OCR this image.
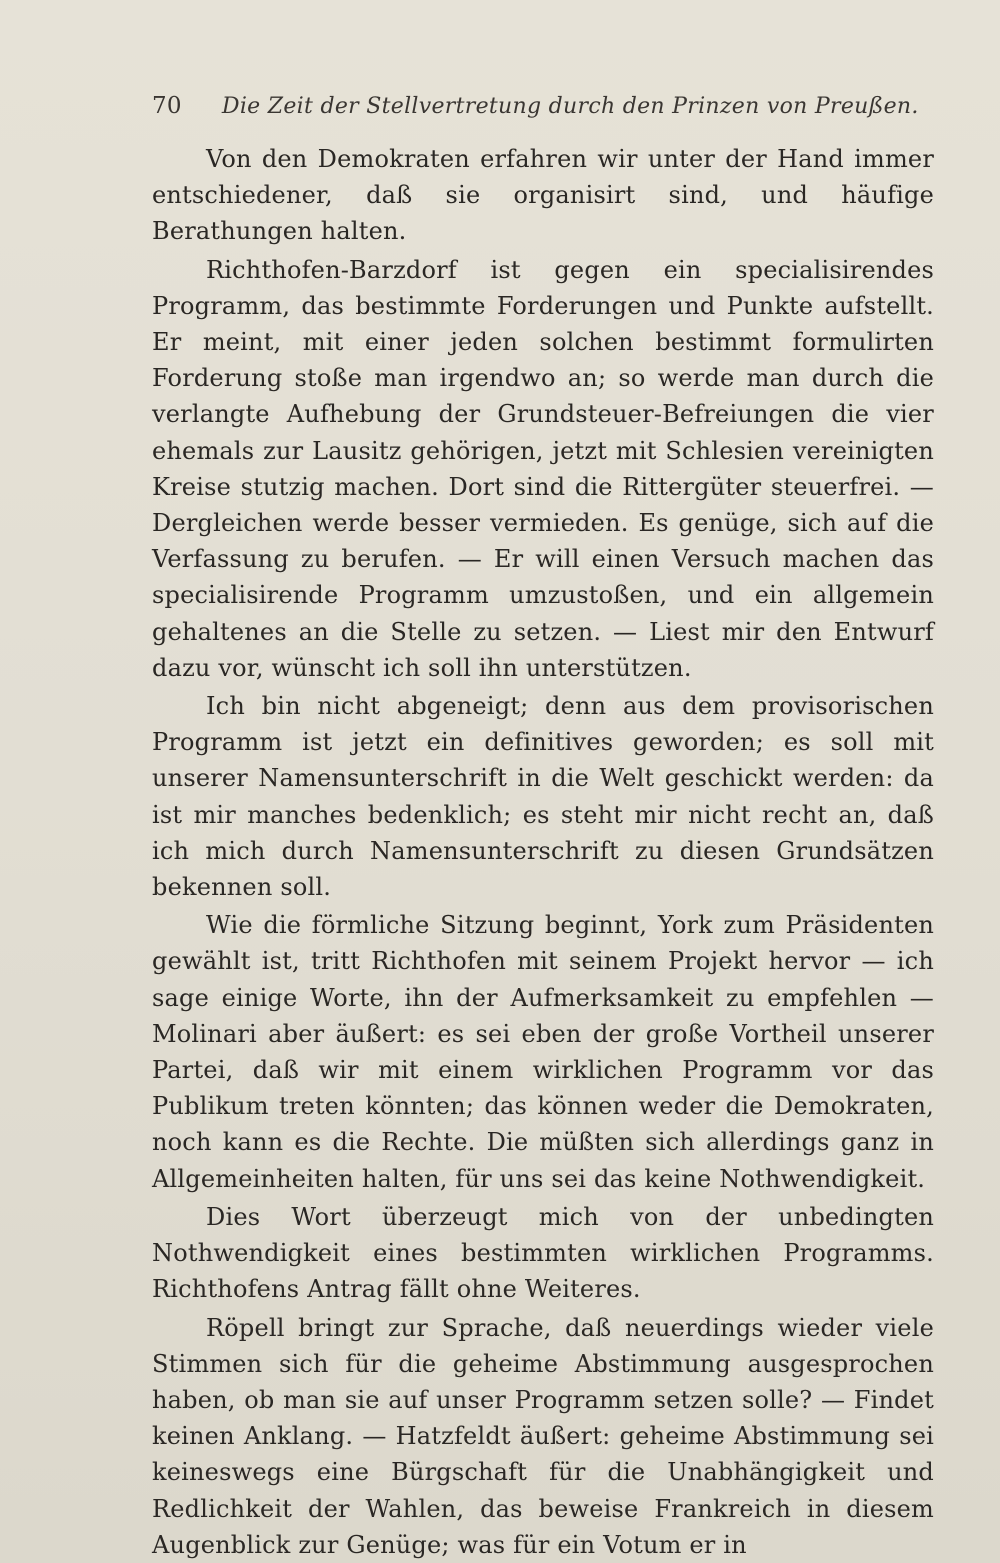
70 Die Zeit der Stellvertretung durch den Prinzen von Preußen.

Von den Demokraten erfahren wir unter der Hand immer entschiedener, daß sie organisirt sind, und häufige Berathungen halten.

Richthofen-Barzdorf ist gegen ein specialisirendes Programm, das bestimmte Forderungen und Punkte aufstellt. Er meint, mit einer jeden solchen bestimmt formulirten Forderung stoße man irgendwo an; so werde man durch die verlangte Aufhebung der Grundsteuer-Befreiungen die vier ehemals zur Lausitz gehörigen, jetzt mit Schlesien vereinigten Kreise stutzig machen. Dort sind die Rittergüter steuerfrei. — Dergleichen werde besser vermieden. Es genüge, sich auf die Verfassung zu berufen. — Er will einen Versuch machen das specialisirende Programm umzustoßen, und ein allgemein gehaltenes an die Stelle zu setzen. — Liest mir den Entwurf dazu vor, wünscht ich soll ihn unterstützen.

Ich bin nicht abgeneigt; denn aus dem provisorischen Programm ist jetzt ein definitives geworden; es soll mit unserer Namensunterschrift in die Welt geschickt werden: da ist mir manches bedenklich; es steht mir nicht recht an, daß ich mich durch Namensunterschrift zu diesen Grundsätzen bekennen soll.

Wie die förmliche Sitzung beginnt, York zum Präsidenten gewählt ist, tritt Richthofen mit seinem Projekt hervor — ich sage einige Worte, ihn der Aufmerksamkeit zu empfehlen — Molinari aber äußert: es sei eben der große Vortheil unserer Partei, daß wir mit einem wirklichen Programm vor das Publikum treten könnten; das können weder die Demokraten, noch kann es die Rechte. Die müßten sich allerdings ganz in Allgemeinheiten halten, für uns sei das keine Nothwendigkeit.

Dies Wort überzeugt mich von der unbedingten Nothwendigkeit eines bestimmten wirklichen Programms. Richthofens Antrag fällt ohne Weiteres.

Röpell bringt zur Sprache, daß neuerdings wieder viele Stimmen sich für die geheime Abstimmung ausgesprochen haben, ob man sie auf unser Programm setzen solle? — Findet keinen Anklang. — Hatzfeldt äußert: geheime Abstimmung sei keineswegs eine Bürgschaft für die Unabhängigkeit und Redlichkeit der Wahlen, das beweise Frankreich in diesem Augenblick zur Genüge; was für ein Votum er in
